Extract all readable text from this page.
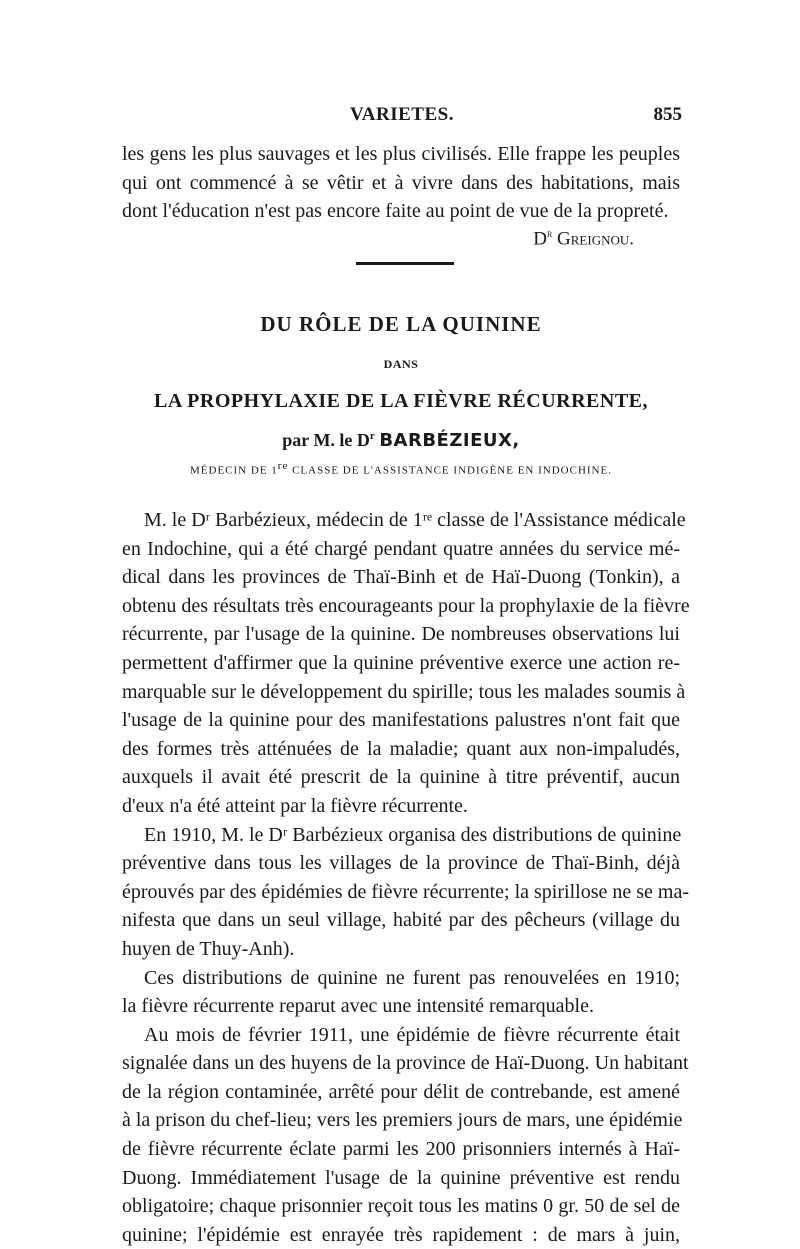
VARIETES.	855
les gens les plus sauvages et les plus civilisés. Elle frappe les peuples
qui ont commencé à se vêtir et à vivre dans des habitations, mais
dont l'éducation n'est pas encore faite au point de vue de la propreté.
$D^r$ Greignou.
DU RÔLE DE LA QUININE
DANS
LA PROPHYLAXIE DE LA FIÈVRE RÉCURRENTE,
par M. le $D^r$ BARBÉZIEUX,
MÉDECIN DE 1re CLASSE DE L'ASSISTANCE INDIGÈNE EN INDOCHINE.
M. le Dʳ Barbézieux, médecin de 1ʳᵉ classe de l'Assistance médicale
en Indochine, qui a été chargé pendant quatre années du service mé-
dical dans les provinces de Thaï-Binh et de Haï-Duong (Tonkin), a
obtenu des résultats très encourageants pour la prophylaxie de la fièvre
récurrente, par l'usage de la quinine. De nombreuses observations lui
permettent d'affirmer que la quinine préventive exerce une action re-
marquable sur le développement du spirille; tous les malades soumis à
l'usage de la quinine pour des manifestations palustres n'ont fait que
des formes très atténuées de la maladie; quant aux non-impaludés,
auxquels il avait été prescrit de la quinine à titre préventif, aucun
d'eux n'a été atteint par la fièvre récurrente.
En 1910, M. le Dʳ Barbézieux organisa des distributions de quinine
préventive dans tous les villages de la province de Thaï-Binh, déjà
éprouvés par des épidémies de fièvre récurrente; la spirillose ne se ma-
nifesta que dans un seul village, habité par des pêcheurs (village du
huyen de Thuy-Anh).
Ces distributions de quinine ne furent pas renouvelées en 1910;
la fièvre récurrente reparut avec une intensité remarquable.
Au mois de février 1911, une épidémie de fièvre récurrente était
signalée dans un des huyens de la province de Haï-Duong. Un habitant
de la région contaminée, arrêté pour délit de contrebande, est amené
à la prison du chef-lieu; vers les premiers jours de mars, une épidémie
de fièvre récurrente éclate parmi les 200 prisonniers internés à Haï-
Duong. Immédiatement l'usage de la quinine préventive est rendu
obligatoire; chaque prisonnier reçoit tous les matins 0 gr. 50 de sel de
quinine; l'épidémie est enrayée très rapidement : de mars à juin,
